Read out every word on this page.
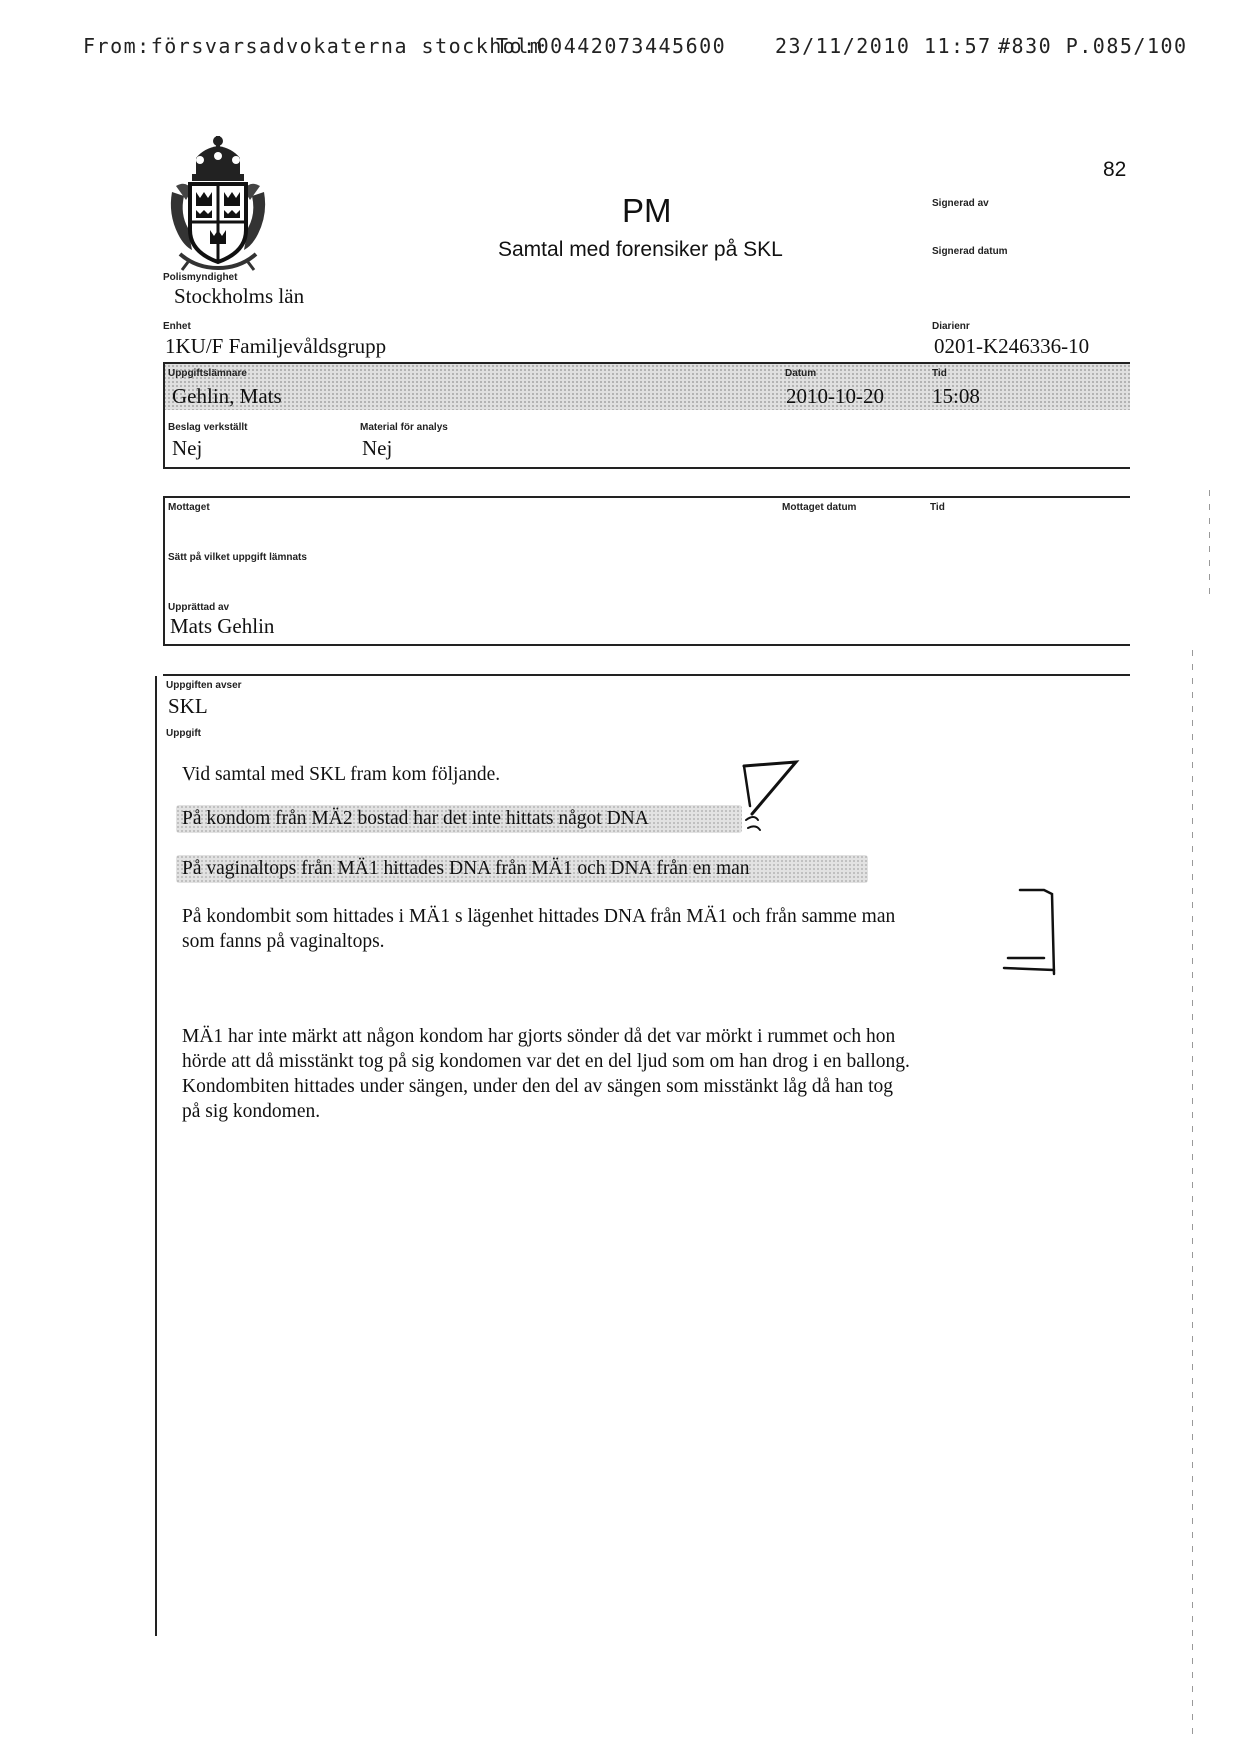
From:försvarsadvokaterna stockholm
To:00442073445600 23/11/2010 11:57 #830 P.085/100
82
PM
Samtal med forensiker på SKL
Signerad av
Signerad datum
Polismyndighet
Stockholms län
Enhet
1KU/F Familjevåldsgrupp
Diarienr
0201-K246336-10
Uppgiftslämnare
Gehlin, Mats
Datum
2010-10-20
Tid
15:08
Beslag verkställt
Nej
Material för analys
Nej
Mottaget	Mottaget datum	Tid
Sätt på vilket uppgift lämnats
Upprättad av
Mats Gehlin
Uppgiften avser
SKL
Uppgift
Vid samtal med SKL fram kom följande.
På kondom från MÄ2 bostad har det inte hittats något DNA
På vaginaltops från MÄ1 hittades DNA från MÄ1 och DNA från en man
På kondombit som hittades i MÄ1 s lägenhet hittades DNA från MÄ1 och från samme man
som fanns på vaginaltops.
MÄ1 har inte märkt att någon kondom har gjorts sönder då det var mörkt i rummet och hon
hörde att då misstänkt tog på sig kondomen var det en del ljud som om han drog i en ballong.
Kondombiten hittades under sängen, under den del av sängen som misstänkt låg då han tog
på sig kondomen.
